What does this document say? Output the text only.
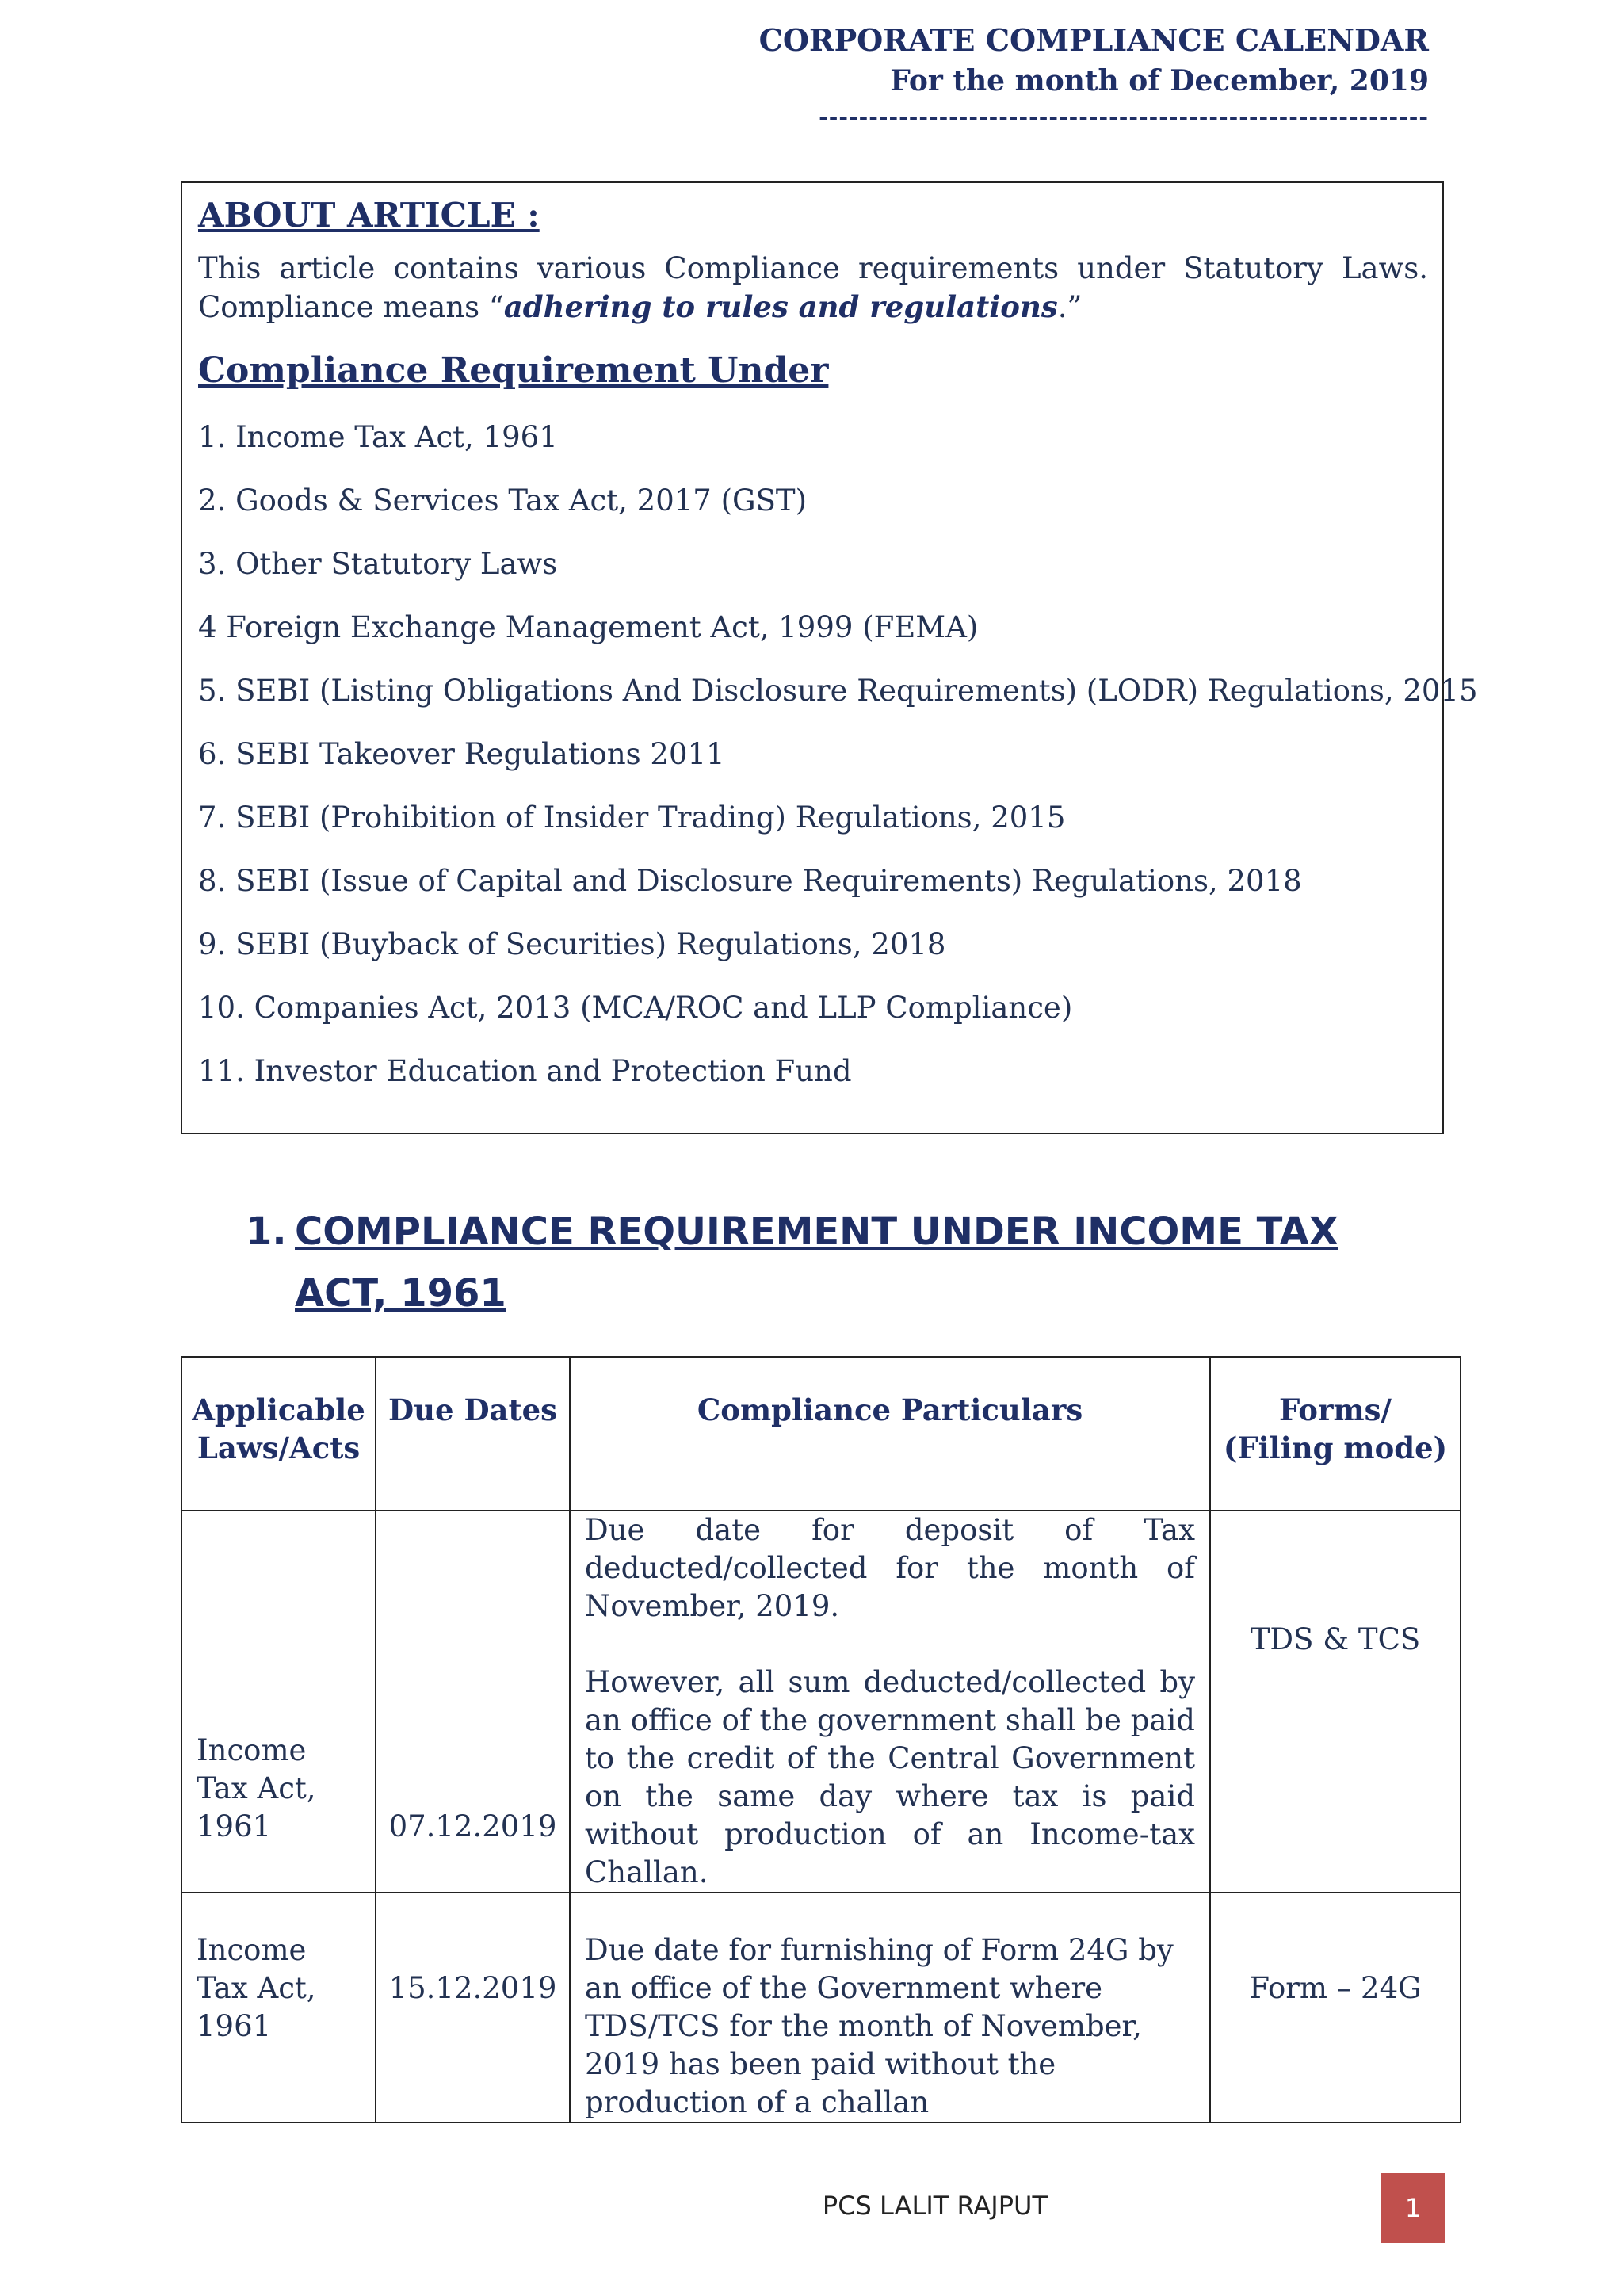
CORPORATE COMPLIANCE CALENDAR
For the month of December, 2019
-------------------------------------------------------------
ABOUT ARTICLE :
This article contains various Compliance requirements under Statutory Laws. Compliance means “adhering to rules and regulations.”
Compliance Requirement Under
1. Income Tax Act, 1961
2. Goods & Services Tax Act, 2017 (GST)
3. Other Statutory Laws
4 Foreign Exchange Management Act, 1999 (FEMA)
5. SEBI (Listing Obligations And Disclosure Requirements) (LODR) Regulations, 2015
6. SEBI Takeover Regulations 2011
7. SEBI (Prohibition of Insider Trading) Regulations, 2015
8. SEBI (Issue of Capital and Disclosure Requirements) Regulations, 2018
9. SEBI (Buyback of Securities) Regulations, 2018
10. Companies Act, 2013 (MCA/ROC and LLP Compliance)
11. Investor Education and Protection Fund
1. COMPLIANCE REQUIREMENT UNDER INCOME TAX ACT, 1961
Applicable Laws/Acts	Due Dates	Compliance Particulars	Forms/ (Filing mode)
Income Tax Act, 1961	07.12.2019	Due date for deposit of Tax deducted/collected for the month of November, 2019.
However, all sum deducted/collected by an office of the government shall be paid to the credit of the Central Government on the same day where tax is paid without production of an Income-tax Challan.	TDS & TCS
Income Tax Act, 1961	15.12.2019	Due date for furnishing of Form 24G by an office of the Government where TDS/TCS for the month of November, 2019 has been paid without the production of a challan	Form – 24G
PCS LALIT RAJPUT	1
